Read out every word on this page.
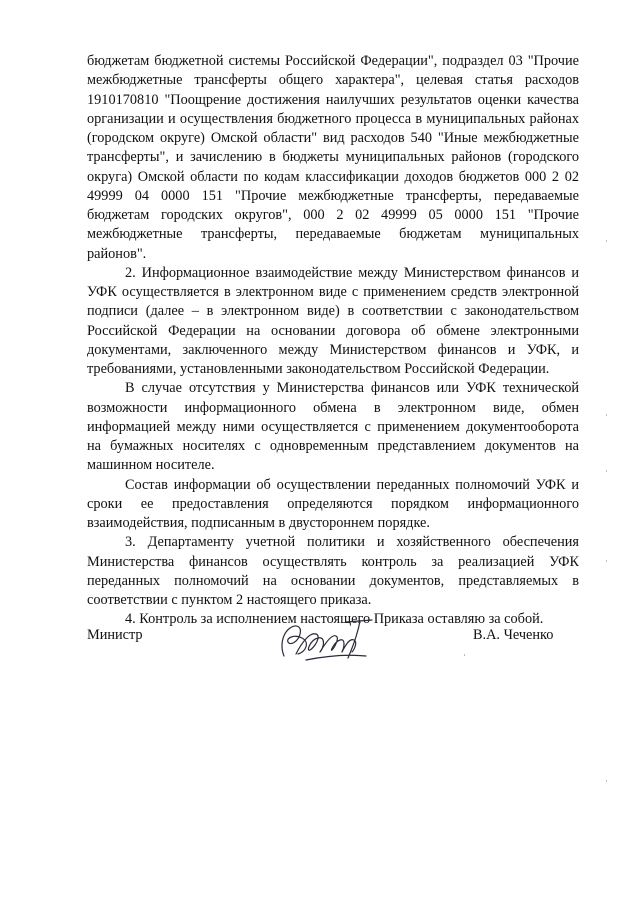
бюджетам бюджетной системы Российской Федерации", подраздел 03 "Прочие межбюджетные трансферты общего характера", целевая статья расходов 1910170810 "Поощрение достижения наилучших результатов оценки качества организации и осуществления бюджетного процесса в муниципальных районах (городском округе) Омской области" вид расходов 540 "Иные межбюджетные трансферты", и зачислению в бюджеты муниципальных районов (городского округа) Омской области по кодам классификации доходов бюджетов 000 2 02 49999 04 0000 151 "Прочие межбюджетные трансферты, передаваемые бюджетам городских округов", 000 2 02 49999 05 0000 151 "Прочие межбюджетные трансферты, передаваемые бюджетам муниципальных районов".

2. Информационное взаимодействие между Министерством финансов и УФК осуществляется в электронном виде с применением средств электронной подписи (далее – в электронном виде) в соответствии с законодательством Российской Федерации на основании договора об обмене электронными документами, заключенного между Министерством финансов и УФК, и требованиями, установленными законодательством Российской Федерации.

В случае отсутствия у Министерства финансов или УФК технической возможности информационного обмена в электронном виде, обмен информацией между ними осуществляется с применением документооборота на бумажных носителях с одновременным представлением документов на машинном носителе.

Состав информации об осуществлении переданных полномочий УФК и сроки ее предоставления определяются порядком информационного взаимодействия, подписанным в двустороннем порядке.

3. Департаменту учетной политики и хозяйственного обеспечения Министерства финансов осуществлять контроль за реализацией УФК переданных полномочий на основании документов, представляемых в соответствии с пунктом 2 настоящего приказа.

4. Контроль за исполнением настоящего Приказа оставляю за собой.

Министр	В.А. Чеченко
